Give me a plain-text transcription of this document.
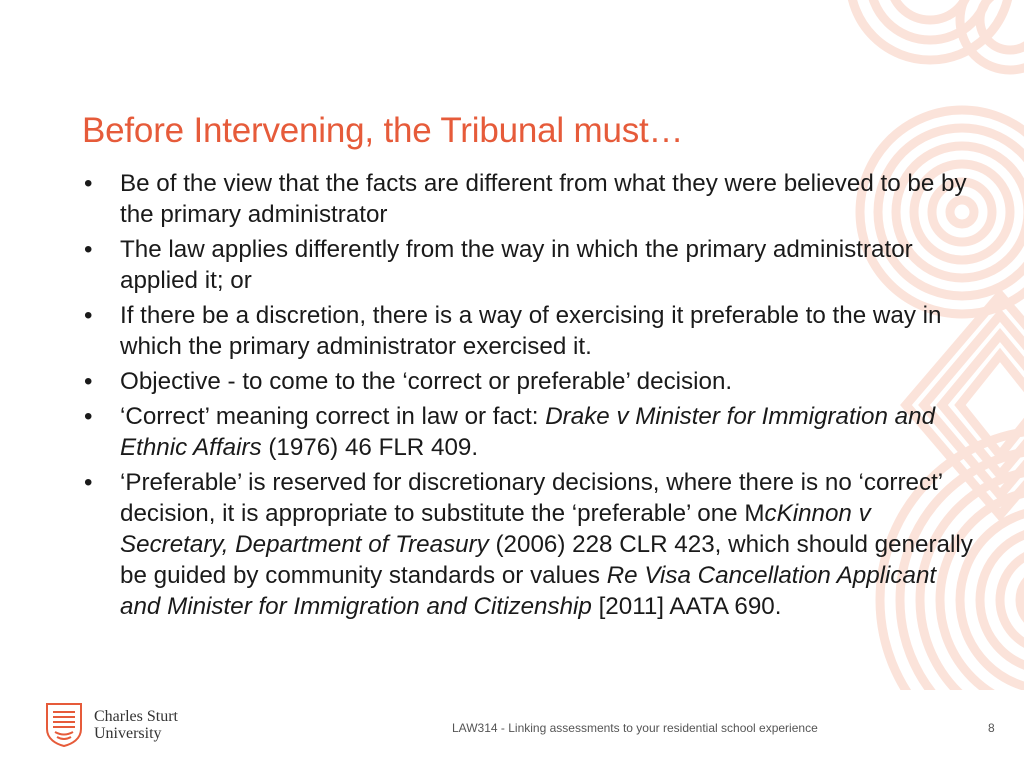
Before Intervening, the Tribunal must…
• Be of the view that the facts are different from what they were believed to be by the primary administrator
• The law applies differently from the way in which the primary administrator applied it; or
• If there be a discretion, there is a way of exercising it preferable to the way in which the primary administrator exercised it.
• Objective - to come to the ‘correct or preferable’ decision.
• ‘Correct’ meaning correct in law or fact: Drake v Minister for Immigration and Ethnic Affairs (1976) 46 FLR 409.
• ‘Preferable’ is reserved for discretionary decisions, where there is no ‘correct’ decision, it is appropriate to substitute the ‘preferable’ one McKinnon v Secretary, Department of Treasury (2006) 228 CLR 423, which should generally be guided by community standards or values Re Visa Cancellation Applicant and Minister for Immigration and Citizenship [2011] AATA 690.
Charles Sturt
University	LAW314 - Linking assessments to your residential school experience	8
